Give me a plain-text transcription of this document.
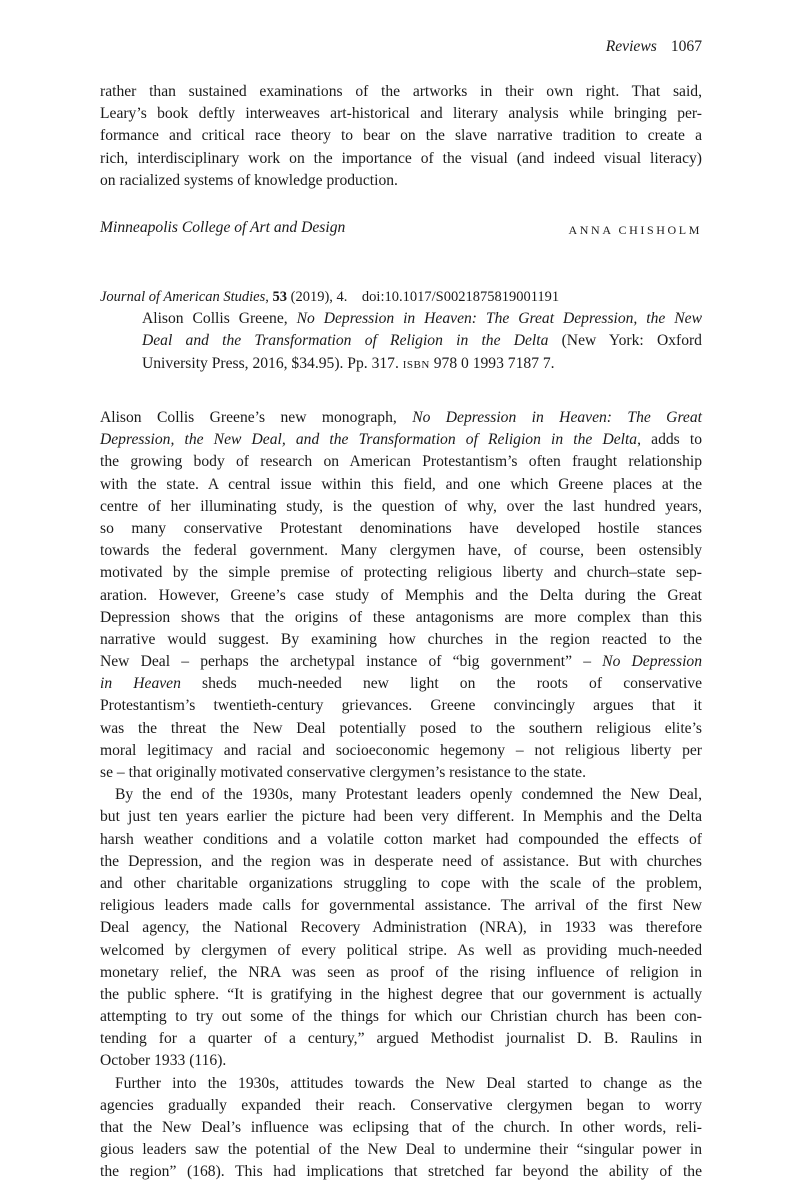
Reviews 1067
rather than sustained examinations of the artworks in their own right. That said,
Leary’s book deftly interweaves art-historical and literary analysis while bringing per-
formance and critical race theory to bear on the slave narrative tradition to create a
rich, interdisciplinary work on the importance of the visual (and indeed visual literacy)
on racialized systems of knowledge production.
Minneapolis College of Art and Design	ANNA CHISHOLM
Journal of American Studies, 53 (2019), 4.    doi:10.1017/S0021875819001191
Alison Collis Greene, No Depression in Heaven: The Great Depression, the New
Deal and the Transformation of Religion in the Delta (New York: Oxford
University Press, 2016, $34.95). Pp. 317. ISBN 978 0 1993 7187 7.
Alison Collis Greene’s new monograph, No Depression in Heaven: The Great
Depression, the New Deal, and the Transformation of Religion in the Delta, adds to
the growing body of research on American Protestantism’s often fraught relationship
with the state. A central issue within this field, and one which Greene places at the
centre of her illuminating study, is the question of why, over the last hundred years,
so many conservative Protestant denominations have developed hostile stances
towards the federal government. Many clergymen have, of course, been ostensibly
motivated by the simple premise of protecting religious liberty and church–state sep-
aration. However, Greene’s case study of Memphis and the Delta during the Great
Depression shows that the origins of these antagonisms are more complex than this
narrative would suggest. By examining how churches in the region reacted to the
New Deal – perhaps the archetypal instance of “big government” – No Depression
in Heaven sheds much-needed new light on the roots of conservative
Protestantism’s twentieth-century grievances. Greene convincingly argues that it
was the threat the New Deal potentially posed to the southern religious elite’s
moral legitimacy and racial and socioeconomic hegemony – not religious liberty per
se – that originally motivated conservative clergymen’s resistance to the state.
By the end of the 1930s, many Protestant leaders openly condemned the New Deal,
but just ten years earlier the picture had been very different. In Memphis and the Delta
harsh weather conditions and a volatile cotton market had compounded the effects of
the Depression, and the region was in desperate need of assistance. But with churches
and other charitable organizations struggling to cope with the scale of the problem,
religious leaders made calls for governmental assistance. The arrival of the first New
Deal agency, the National Recovery Administration (NRA), in 1933 was therefore
welcomed by clergymen of every political stripe. As well as providing much-needed
monetary relief, the NRA was seen as proof of the rising influence of religion in
the public sphere. “It is gratifying in the highest degree that our government is actually
attempting to try out some of the things for which our Christian church has been con-
tending for a quarter of a century,” argued Methodist journalist D. B. Raulins in
October 1933 (116).
Further into the 1930s, attitudes towards the New Deal started to change as the
agencies gradually expanded their reach. Conservative clergymen began to worry
that the New Deal’s influence was eclipsing that of the church. In other words, reli-
gious leaders saw the potential of the New Deal to undermine their “singular power in
the region” (168). This had implications that stretched far beyond the ability of the
